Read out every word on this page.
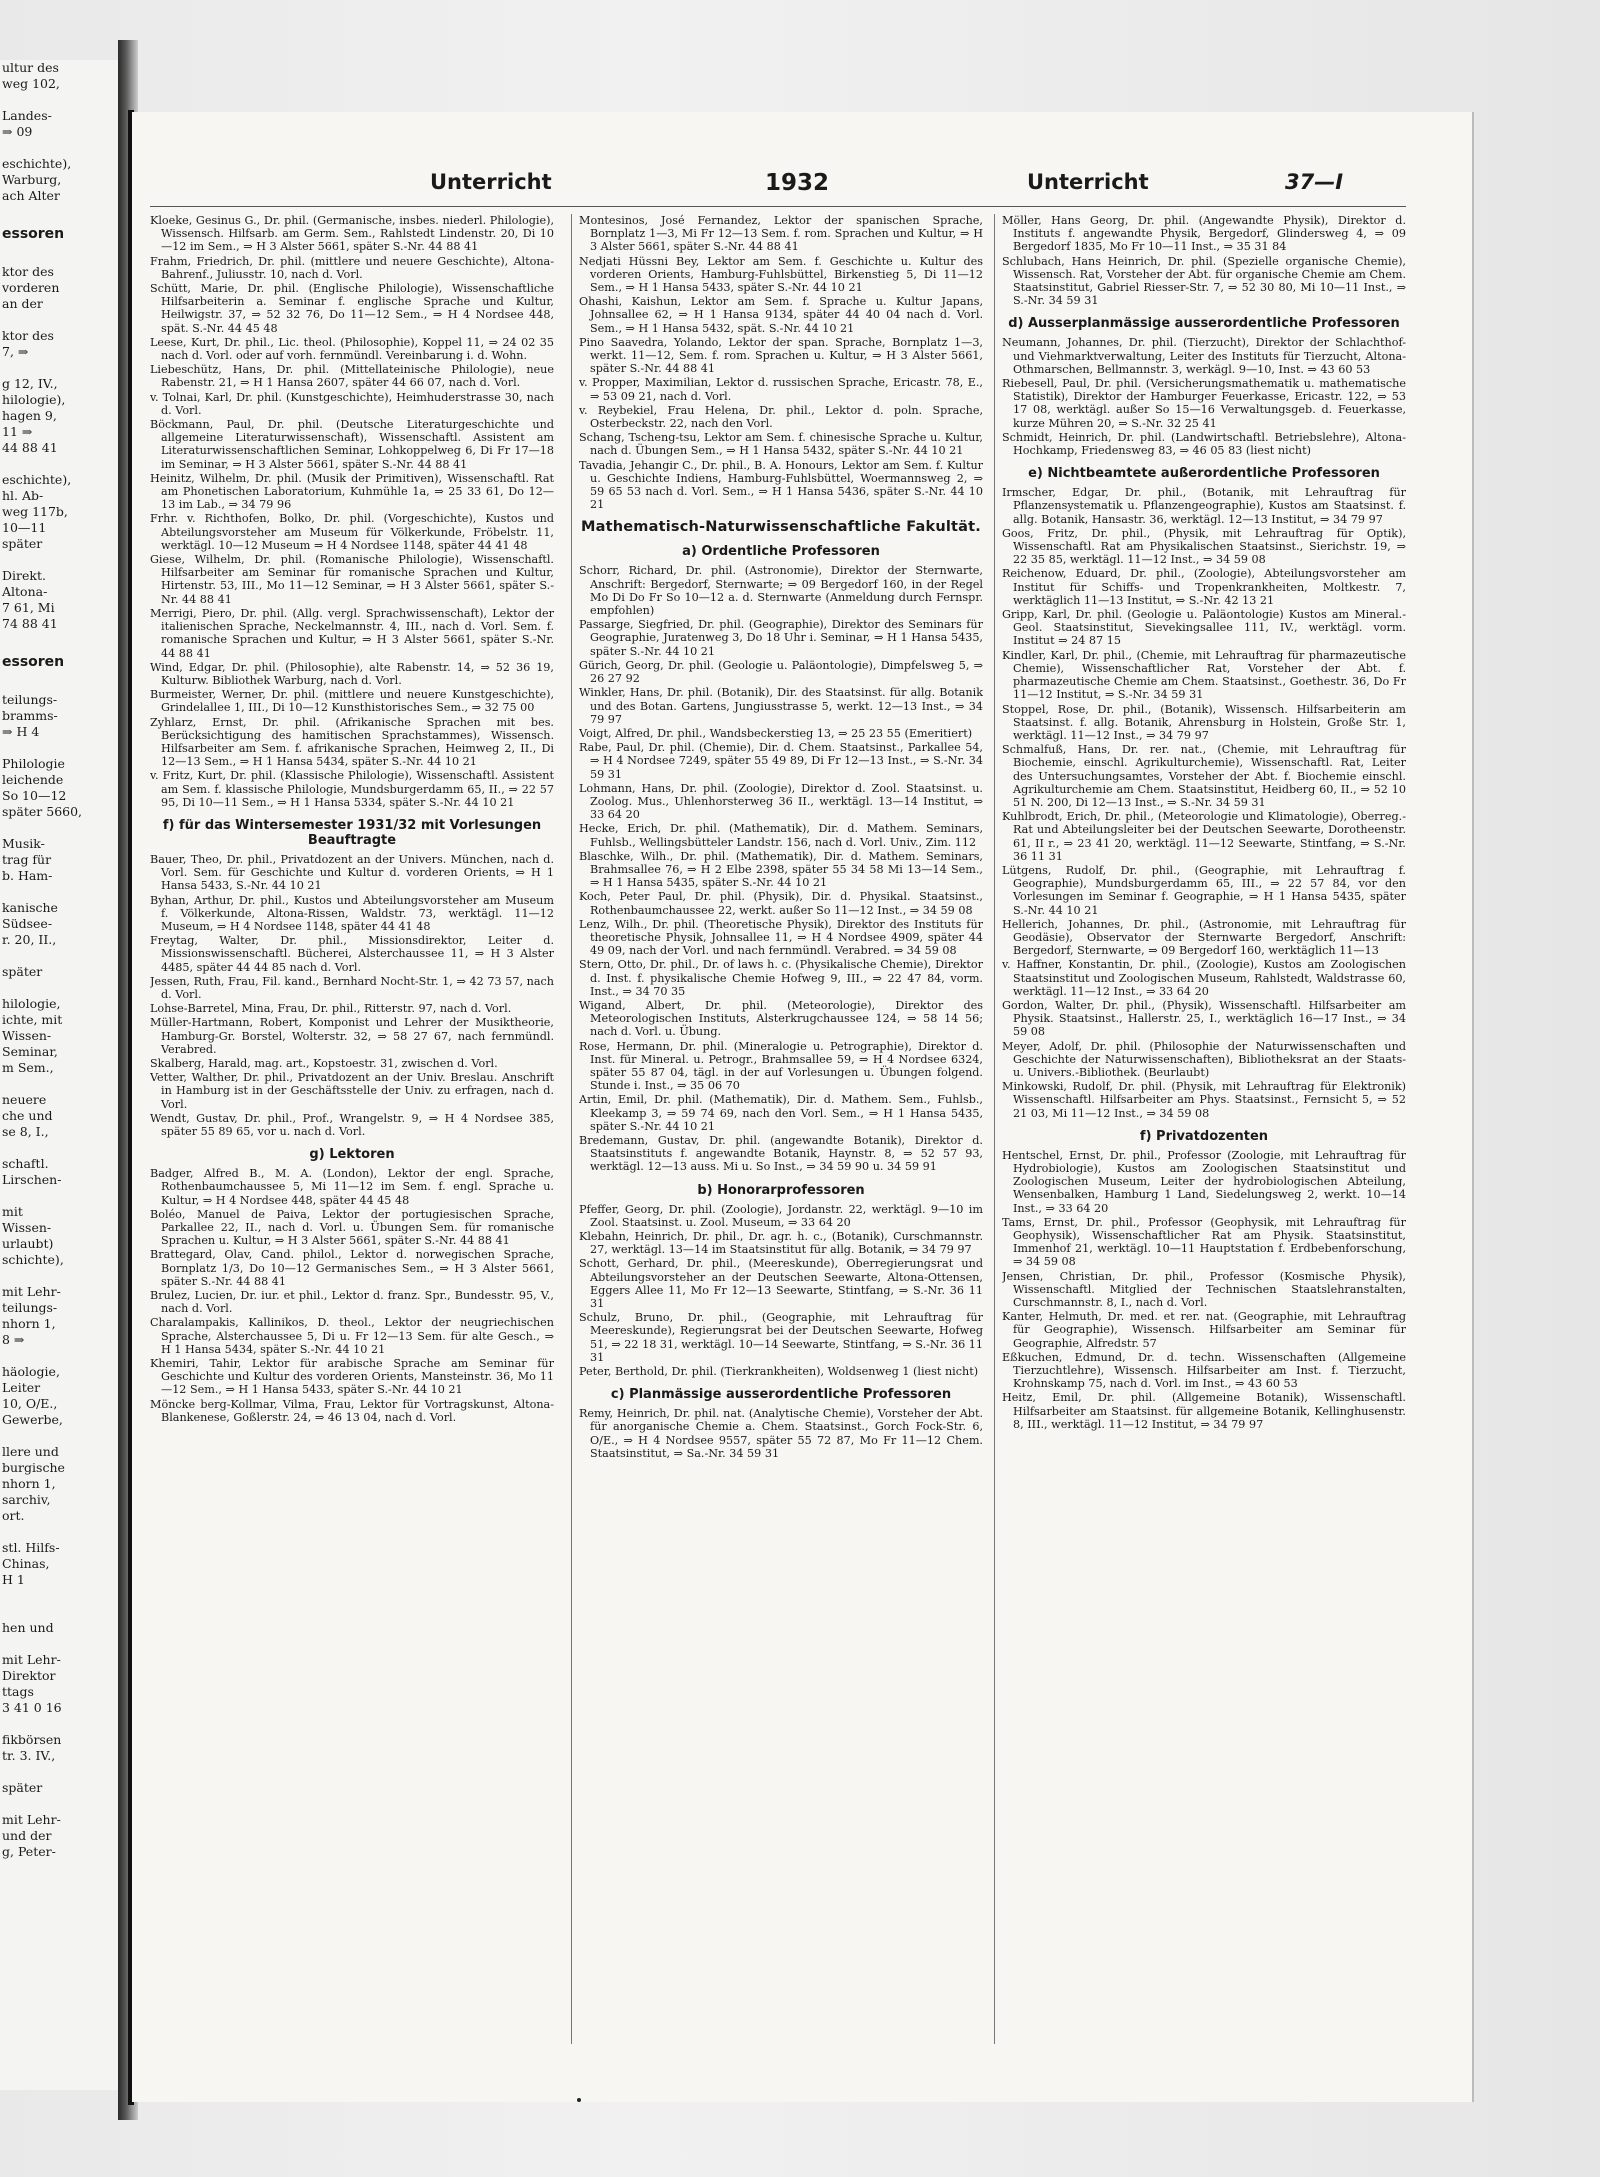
ultur des
weg 102,

Landes-
⇒ 09

eschichte),
Warburg,
ach Alter

essoren

ktor des
vorderen
an der

ktor des
7, ⇒

g 12, IV.,
hilologie),
hagen 9,
11 ⇒
44 88 41

eschichte),
hl. Ab-
weg 117b,
10—11
später

Direkt.
Altona-
7 61, Mi
74 88 41

essoren

teilungs-
bramms-
⇒ H 4

Philologie
leichende
So 10—12
später 5660,

Musik-
trag für
b. Ham-

kanische
Südsee-
r. 20, II.,

später

hilologie,
ichte, mit
Wissen-
Seminar,
m Sem.,

neuere
che und
se 8, I.,

schaftl.
Lirschen-

mit
Wissen-
urlaubt)
schichte),

mit Lehr-
teilungs-
nhorn 1,
8 ⇒

häologie,
Leiter
10, O/E.,
Gewerbe,

llere und
burgische
nhorn 1,
sarchiv,
ort.

stl. Hilfs-
Chinas,
H 1

hen und

mit Lehr-
Direktor
ttags
3 41 0 16

fikbörsen
tr. 3. IV.,

später

mit Lehr-
und der
g, Peter-
Unterricht	1932	Unterricht	37—I
Kloeke, Gesinus G., Dr. phil. (Germanische, insbes. niederl. Philologie), Wissensch. Hilfsarb. am Germ. Sem., Rahlstedt Lindenstr. 20, Di 10—12 im Sem., ⇒ H 3 Alster 5661, später S.-Nr. 44 88 41
Frahm, Friedrich, Dr. phil. (mittlere und neuere Geschichte), Altona-Bahrenf., Juliusstr. 10, nach d. Vorl.
Schütt, Marie, Dr. phil. (Englische Philologie), Wissenschaftliche Hilfsarbeiterin a. Seminar f. englische Sprache und Kultur, Heilwigstr. 37, ⇒ 52 32 76, Do 11—12 Sem., ⇒ H 4 Nordsee 448, spät. S.-Nr. 44 45 48
Leese, Kurt, Dr. phil., Lic. theol. (Philosophie), Koppel 11, ⇒ 24 02 35 nach d. Vorl. oder auf vorh. fernmündl. Vereinbarung i. d. Wohn.
Liebeschütz, Hans, Dr. phil. (Mittellateinische Philologie), neue Rabenstr. 21, ⇒ H 1 Hansa 2607, später 44 66 07, nach d. Vorl.
v. Tolnai, Karl, Dr. phil. (Kunstgeschichte), Heimhuderstrasse 30, nach d. Vorl.
Böckmann, Paul, Dr. phil. (Deutsche Literaturgeschichte und allgemeine Literaturwissenschaft), Wissenschaftl. Assistent am Literaturwissenschaftlichen Seminar, Lohkoppelweg 6, Di Fr 17—18 im Seminar, ⇒ H 3 Alster 5661, später S.-Nr. 44 88 41
Heinitz, Wilhelm, Dr. phil. (Musik der Primitiven), Wissenschaftl. Rat am Phonetischen Laboratorium, Kuhmühle 1a, ⇒ 25 33 61, Do 12—13 im Lab., ⇒ 34 79 96
Frhr. v. Richthofen, Bolko, Dr. phil. (Vorgeschichte), Kustos und Abteilungsvorsteher am Museum für Völkerkunde, Fröbelstr. 11, werktägl. 10—12 Museum ⇒ H 4 Nordsee 1148, später 44 41 48
Giese, Wilhelm, Dr. phil. (Romanische Philologie), Wissenschaftl. Hilfsarbeiter am Seminar für romanische Sprachen und Kultur, Hirtenstr. 53, III., Mo 11—12 Seminar, ⇒ H 3 Alster 5661, später S.-Nr. 44 88 41
Merrigi, Piero, Dr. phil. (Allg. vergl. Sprachwissenschaft), Lektor der italienischen Sprache, Neckelmannstr. 4, III., nach d. Vorl. Sem. f. romanische Sprachen und Kultur, ⇒ H 3 Alster 5661, später S.-Nr. 44 88 41
Wind, Edgar, Dr. phil. (Philosophie), alte Rabenstr. 14, ⇒ 52 36 19, Kulturw. Bibliothek Warburg, nach d. Vorl.
Burmeister, Werner, Dr. phil. (mittlere und neuere Kunstgeschichte), Grindelallee 1, III., Di 10—12 Kunsthistorisches Sem., ⇒ 32 75 00
Zyhlarz, Ernst, Dr. phil. (Afrikanische Sprachen mit bes. Berücksichtigung des hamitischen Sprachstammes), Wissensch. Hilfsarbeiter am Sem. f. afrikanische Sprachen, Heimweg 2, II., Di 12—13 Sem., ⇒ H 1 Hansa 5434, später S.-Nr. 44 10 21
v. Fritz, Kurt, Dr. phil. (Klassische Philologie), Wissenschaftl. Assistent am Sem. f. klassische Philologie, Mundsburgerdamm 65, II., ⇒ 22 57 95, Di 10—11 Sem., ⇒ H 1 Hansa 5334, später S.-Nr. 44 10 21
f) für das Wintersemester 1931/32 mit Vorlesungen Beauftragte
Bauer, Theo, Dr. phil., Privatdozent an der Univers. München, nach d. Vorl. Sem. für Geschichte und Kultur d. vorderen Orients, ⇒ H 1 Hansa 5433, S.-Nr. 44 10 21
Byhan, Arthur, Dr. phil., Kustos und Abteilungsvorsteher am Museum f. Völkerkunde, Altona-Rissen, Waldstr. 73, werktägl. 11—12 Museum, ⇒ H 4 Nordsee 1148, später 44 41 48
Freytag, Walter, Dr. phil., Missionsdirektor, Leiter d. Missionswissenschaftl. Bücherei, Alsterchaussee 11, ⇒ H 3 Alster 4485, später 44 44 85 nach d. Vorl.
Jessen, Ruth, Frau, Fil. kand., Bernhard Nocht-Str. 1, ⇒ 42 73 57, nach d. Vorl.
Lohse-Barretel, Mina, Frau, Dr. phil., Ritterstr. 97, nach d. Vorl.
Müller-Hartmann, Robert, Komponist und Lehrer der Musiktheorie, Hamburg-Gr. Borstel, Wolterstr. 32, ⇒ 58 27 67, nach fernmündl. Verabred.
Skalberg, Harald, mag. art., Kopstoestr. 31, zwischen d. Vorl.
Vetter, Walther, Dr. phil., Privatdozent an der Univ. Breslau. Anschrift in Hamburg ist in der Geschäftsstelle der Univ. zu erfragen, nach d. Vorl.
Wendt, Gustav, Dr. phil., Prof., Wrangelstr. 9, ⇒ H 4 Nordsee 385, später 55 89 65, vor u. nach d. Vorl.
g) Lektoren
Badger, Alfred B., M. A. (London), Lektor der engl. Sprache, Rothenbaumchaussee 5, Mi 11—12 im Sem. f. engl. Sprache u. Kultur, ⇒ H 4 Nordsee 448, später 44 45 48
Boléo, Manuel de Paiva, Lektor der portugiesischen Sprache, Parkallee 22, II., nach d. Vorl. u. Übungen Sem. für romanische Sprachen u. Kultur, ⇒ H 3 Alster 5661, später S.-Nr. 44 88 41
Brattegard, Olav, Cand. philol., Lektor d. norwegischen Sprache, Bornplatz 1/3, Do 10—12 Germanisches Sem., ⇒ H 3 Alster 5661, später S.-Nr. 44 88 41
Brulez, Lucien, Dr. iur. et phil., Lektor d. franz. Spr., Bundesstr. 95, V., nach d. Vorl.
Charalampakis, Kallinikos, D. theol., Lektor der neugriechischen Sprache, Alsterchaussee 5, Di u. Fr 12—13 Sem. für alte Gesch., ⇒ H 1 Hansa 5434, später S.-Nr. 44 10 21
Khemiri, Tahir, Lektor für arabische Sprache am Seminar für Geschichte und Kultur des vorderen Orients, Mansteinstr. 36, Mo 11—12 Sem., ⇒ H 1 Hansa 5433, später S.-Nr. 44 10 21
Möncke berg-Kollmar, Vilma, Frau, Lektor für Vortragskunst, Altona-Blankenese, Goßlerstr. 24, ⇒ 46 13 04, nach d. Vorl.
Montesinos, José Fernandez, Lektor der spanischen Sprache, Bornplatz 1—3, Mi Fr 12—13 Sem. f. rom. Sprachen und Kultur, ⇒ H 3 Alster 5661, später S.-Nr. 44 88 41
Nedjati Hüssni Bey, Lektor am Sem. f. Geschichte u. Kultur des vorderen Orients, Hamburg-Fuhlsbüttel, Birkenstieg 5, Di 11—12 Sem., ⇒ H 1 Hansa 5433, später S.-Nr. 44 10 21
Ohashi, Kaishun, Lektor am Sem. f. Sprache u. Kultur Japans, Johnsallee 62, ⇒ H 1 Hansa 9134, später 44 40 04 nach d. Vorl. Sem., ⇒ H 1 Hansa 5432, spät. S.-Nr. 44 10 21
Pino Saavedra, Yolando, Lektor der span. Sprache, Bornplatz 1—3, werkt. 11—12, Sem. f. rom. Sprachen u. Kultur, ⇒ H 3 Alster 5661, später S.-Nr. 44 88 41
v. Propper, Maximilian, Lektor d. russischen Sprache, Ericastr. 78, E., ⇒ 53 09 21, nach d. Vorl.
v. Reybekiel, Frau Helena, Dr. phil., Lektor d. poln. Sprache, Osterbeckstr. 22, nach den Vorl.
Schang, Tscheng-tsu, Lektor am Sem. f. chinesische Sprache u. Kultur, nach d. Übungen Sem., ⇒ H 1 Hansa 5432, später S.-Nr. 44 10 21
Tavadia, Jehangir C., Dr. phil., B. A. Honours, Lektor am Sem. f. Kultur u. Geschichte Indiens, Hamburg-Fuhlsbüttel, Woermannsweg 2, ⇒ 59 65 53 nach d. Vorl. Sem., ⇒ H 1 Hansa 5436, später S.-Nr. 44 10 21
Mathematisch-Naturwissenschaftliche Fakultät.
a) Ordentliche Professoren
Schorr, Richard, Dr. phil. (Astronomie), Direktor der Sternwarte, Anschrift: Bergedorf, Sternwarte; ⇒ 09 Bergedorf 160, in der Regel Mo Di Do Fr So 10—12 a. d. Sternwarte (Anmeldung durch Fernspr. empfohlen)
Passarge, Siegfried, Dr. phil. (Geographie), Direktor des Seminars für Geographie, Juratenweg 3, Do 18 Uhr i. Seminar, ⇒ H 1 Hansa 5435, später S.-Nr. 44 10 21
Gürich, Georg, Dr. phil. (Geologie u. Paläontologie), Dimpfelsweg 5, ⇒ 26 27 92
Winkler, Hans, Dr. phil. (Botanik), Dir. des Staatsinst. für allg. Botanik und des Botan. Gartens, Jungiusstrasse 5, werkt. 12—13 Inst., ⇒ 34 79 97
Voigt, Alfred, Dr. phil., Wandsbeckerstieg 13, ⇒ 25 23 55 (Emeritiert)
Rabe, Paul, Dr. phil. (Chemie), Dir. d. Chem. Staatsinst., Parkallee 54, ⇒ H 4 Nordsee 7249, später 55 49 89, Di Fr 12—13 Inst., ⇒ S.-Nr. 34 59 31
Lohmann, Hans, Dr. phil. (Zoologie), Direktor d. Zool. Staatsinst. u. Zoolog. Mus., Uhlenhorsterweg 36 II., werktägl. 13—14 Institut, ⇒ 33 64 20
Hecke, Erich, Dr. phil. (Mathematik), Dir. d. Mathem. Seminars, Fuhlsb., Wellingsbütteler Landstr. 156, nach d. Vorl. Univ., Zim. 112
Blaschke, Wilh., Dr. phil. (Mathematik), Dir. d. Mathem. Seminars, Brahmsallee 76, ⇒ H 2 Elbe 2398, später 55 34 58 Mi 13—14 Sem., ⇒ H 1 Hansa 5435, später S.-Nr. 44 10 21
Koch, Peter Paul, Dr. phil. (Physik), Dir. d. Physikal. Staatsinst., Rothenbaumchaussee 22, werkt. außer So 11—12 Inst., ⇒ 34 59 08
Lenz, Wilh., Dr. phil. (Theoretische Physik), Direktor des Instituts für theoretische Physik, Johnsallee 11, ⇒ H 4 Nordsee 4909, später 44 49 09, nach der Vorl. und nach fernmündl. Verabred. ⇒ 34 59 08
Stern, Otto, Dr. phil., Dr. of laws h. c. (Physikalische Chemie), Direktor d. Inst. f. physikalische Chemie Hofweg 9, III., ⇒ 22 47 84, vorm. Inst., ⇒ 34 70 35
Wigand, Albert, Dr. phil. (Meteorologie), Direktor des Meteorologischen Instituts, Alsterkrugchaussee 124, ⇒ 58 14 56; nach d. Vorl. u. Übung.
Rose, Hermann, Dr. phil. (Mineralogie u. Petrographie), Direktor d. Inst. für Mineral. u. Petrogr., Brahmsallee 59, ⇒ H 4 Nordsee 6324, später 55 87 04, tägl. in der auf Vorlesungen u. Übungen folgend. Stunde i. Inst., ⇒ 35 06 70
Artin, Emil, Dr. phil. (Mathematik), Dir. d. Mathem. Sem., Fuhlsb., Kleekamp 3, ⇒ 59 74 69, nach den Vorl. Sem., ⇒ H 1 Hansa 5435, später S.-Nr. 44 10 21
Bredemann, Gustav, Dr. phil. (angewandte Botanik), Direktor d. Staatsinstituts f. angewandte Botanik, Haynstr. 8, ⇒ 52 57 93, werktägl. 12—13 auss. Mi u. So Inst., ⇒ 34 59 90 u. 34 59 91
b) Honorarprofessoren
Pfeffer, Georg, Dr. phil. (Zoologie), Jordanstr. 22, werktägl. 9—10 im Zool. Staatsinst. u. Zool. Museum, ⇒ 33 64 20
Klebahn, Heinrich, Dr. phil., Dr. agr. h. c., (Botanik), Curschmannstr. 27, werktägl. 13—14 im Staatsinstitut für allg. Botanik, ⇒ 34 79 97
Schott, Gerhard, Dr. phil., (Meereskunde), Oberregierungsrat und Abteilungsvorsteher an der Deutschen Seewarte, Altona-Ottensen, Eggers Allee 11, Mo Fr 12—13 Seewarte, Stintfang, ⇒ S.-Nr. 36 11 31
Schulz, Bruno, Dr. phil., (Geographie, mit Lehrauftrag für Meereskunde), Regierungsrat bei der Deutschen Seewarte, Hofweg 51, ⇒ 22 18 31, werktägl. 10—14 Seewarte, Stintfang, ⇒ S.-Nr. 36 11 31
Peter, Berthold, Dr. phil. (Tierkrankheiten), Woldsenweg 1 (liest nicht)
c) Planmässige ausserordentliche Professoren
Remy, Heinrich, Dr. phil. nat. (Analytische Chemie), Vorsteher der Abt. für anorganische Chemie a. Chem. Staatsinst., Gorch Fock-Str. 6, O/E., ⇒ H 4 Nordsee 9557, später 55 72 87, Mo Fr 11—12 Chem. Staatsinstitut, ⇒ Sa.-Nr. 34 59 31
Möller, Hans Georg, Dr. phil. (Angewandte Physik), Direktor d. Instituts f. angewandte Physik, Bergedorf, Glindersweg 4, ⇒ 09 Bergedorf 1835, Mo Fr 10—11 Inst., ⇒ 35 31 84
Schlubach, Hans Heinrich, Dr. phil. (Spezielle organische Chemie), Wissensch. Rat, Vorsteher der Abt. für organische Chemie am Chem. Staatsinstitut, Gabriel Riesser-Str. 7, ⇒ 52 30 80, Mi 10—11 Inst., ⇒ S.-Nr. 34 59 31
d) Ausserplanmässige ausserordentliche Professoren
Neumann, Johannes, Dr. phil. (Tierzucht), Direktor der Schlachthof- und Viehmarktverwaltung, Leiter des Instituts für Tierzucht, Altona-Othmarschen, Bellmannstr. 3, werkägl. 9—10, Inst. ⇒ 43 60 53
Riebesell, Paul, Dr. phil. (Versicherungsmathematik u. mathematische Statistik), Direktor der Hamburger Feuerkasse, Ericastr. 122, ⇒ 53 17 08, werktägl. außer So 15—16 Verwaltungsgeb. d. Feuerkasse, kurze Mühren 20, ⇒ S.-Nr. 32 25 41
Schmidt, Heinrich, Dr. phil. (Landwirtschaftl. Betriebslehre), Altona-Hochkamp, Friedensweg 83, ⇒ 46 05 83 (liest nicht)
e) Nichtbeamtete außerordentliche Professoren
Irmscher, Edgar, Dr. phil., (Botanik, mit Lehrauftrag für Pflanzensystematik u. Pflanzengeographie), Kustos am Staatsinst. f. allg. Botanik, Hansastr. 36, werktägl. 12—13 Institut, ⇒ 34 79 97
Goos, Fritz, Dr. phil., (Physik, mit Lehrauftrag für Optik), Wissenschaftl. Rat am Physikalischen Staatsinst., Sierichstr. 19, ⇒ 22 35 85, werktägl. 11—12 Inst., ⇒ 34 59 08
Reichenow, Eduard, Dr. phil., (Zoologie), Abteilungsvorsteher am Institut für Schiffs- und Tropenkrankheiten, Moltkestr. 7, werktäglich 11—13 Institut, ⇒ S.-Nr. 42 13 21
Gripp, Karl, Dr. phil. (Geologie u. Paläontologie) Kustos am Mineral.-Geol. Staatsinstitut, Sievekingsallee 111, IV., werktägl. vorm. Institut ⇒ 24 87 15
Kindler, Karl, Dr. phil., (Chemie, mit Lehrauftrag für pharmazeutische Chemie), Wissenschaftlicher Rat, Vorsteher der Abt. f. pharmazeutische Chemie am Chem. Staatsinst., Goethestr. 36, Do Fr 11—12 Institut, ⇒ S.-Nr. 34 59 31
Stoppel, Rose, Dr. phil., (Botanik), Wissensch. Hilfsarbeiterin am Staatsinst. f. allg. Botanik, Ahrensburg in Holstein, Große Str. 1, werktägl. 11—12 Inst., ⇒ 34 79 97
Schmalfuß, Hans, Dr. rer. nat., (Chemie, mit Lehrauftrag für Biochemie, einschl. Agrikulturchemie), Wissenschaftl. Rat, Leiter des Untersuchungsamtes, Vorsteher der Abt. f. Biochemie einschl. Agrikulturchemie am Chem. Staatsinstitut, Heidberg 60, II., ⇒ 52 10 51 N. 200, Di 12—13 Inst., ⇒ S.-Nr. 34 59 31
Kuhlbrodt, Erich, Dr. phil., (Meteorologie und Klimatologie), Oberreg.-Rat und Abteilungsleiter bei der Deutschen Seewarte, Dorotheenstr. 61, II r., ⇒ 23 41 20, werktägl. 11—12 Seewarte, Stintfang, ⇒ S.-Nr. 36 11 31
Lütgens, Rudolf, Dr. phil., (Geographie, mit Lehrauftrag f. Geographie), Mundsburgerdamm 65, III., ⇒ 22 57 84, vor den Vorlesungen im Seminar f. Geographie, ⇒ H 1 Hansa 5435, später S.-Nr. 44 10 21
Hellerich, Johannes, Dr. phil., (Astronomie, mit Lehrauftrag für Geodäsie), Observator der Sternwarte Bergedorf, Anschrift: Bergedorf, Sternwarte, ⇒ 09 Bergedorf 160, werktäglich 11—13
v. Haffner, Konstantin, Dr. phil., (Zoologie), Kustos am Zoologischen Staatsinstitut und Zoologischen Museum, Rahlstedt, Waldstrasse 60, werktägl. 11—12 Inst., ⇒ 33 64 20
Gordon, Walter, Dr. phil., (Physik), Wissenschaftl. Hilfsarbeiter am Physik. Staatsinst., Hallerstr. 25, I., werktäglich 16—17 Inst., ⇒ 34 59 08
Meyer, Adolf, Dr. phil. (Philosophie der Naturwissenschaften und Geschichte der Naturwissenschaften), Bibliotheksrat an der Staats- u. Univers.-Bibliothek. (Beurlaubt)
Minkowski, Rudolf, Dr. phil. (Physik, mit Lehrauftrag für Elektronik) Wissenschaftl. Hilfsarbeiter am Phys. Staatsinst., Fernsicht 5, ⇒ 52 21 03, Mi 11—12 Inst., ⇒ 34 59 08
f) Privatdozenten
Hentschel, Ernst, Dr. phil., Professor (Zoologie, mit Lehrauftrag für Hydrobiologie), Kustos am Zoologischen Staatsinstitut und Zoologischen Museum, Leiter der hydrobiologischen Abteilung, Wensenbalken, Hamburg 1 Land, Siedelungsweg 2, werkt. 10—14 Inst., ⇒ 33 64 20
Tams, Ernst, Dr. phil., Professor (Geophysik, mit Lehrauftrag für Geophysik), Wissenschaftlicher Rat am Physik. Staatsinstitut, Immenhof 21, werktägl. 10—11 Hauptstation f. Erdbebenforschung, ⇒ 34 59 08
Jensen, Christian, Dr. phil., Professor (Kosmische Physik), Wissenschaftl. Mitglied der Technischen Staatslehranstalten, Curschmannstr. 8, I., nach d. Vorl.
Kanter, Helmuth, Dr. med. et rer. nat. (Geographie, mit Lehrauftrag für Geographie), Wissensch. Hilfsarbeiter am Seminar für Geographie, Alfredstr. 57
Eßkuchen, Edmund, Dr. d. techn. Wissenschaften (Allgemeine Tierzuchtlehre), Wissensch. Hilfsarbeiter am Inst. f. Tierzucht, Krohnskamp 75, nach d. Vorl. im Inst., ⇒ 43 60 53
Heitz, Emil, Dr. phil. (Allgemeine Botanik), Wissenschaftl. Hilfsarbeiter am Staatsinst. für allgemeine Botanik, Kellinghusenstr. 8, III., werktägl. 11—12 Institut, ⇒ 34 79 97
